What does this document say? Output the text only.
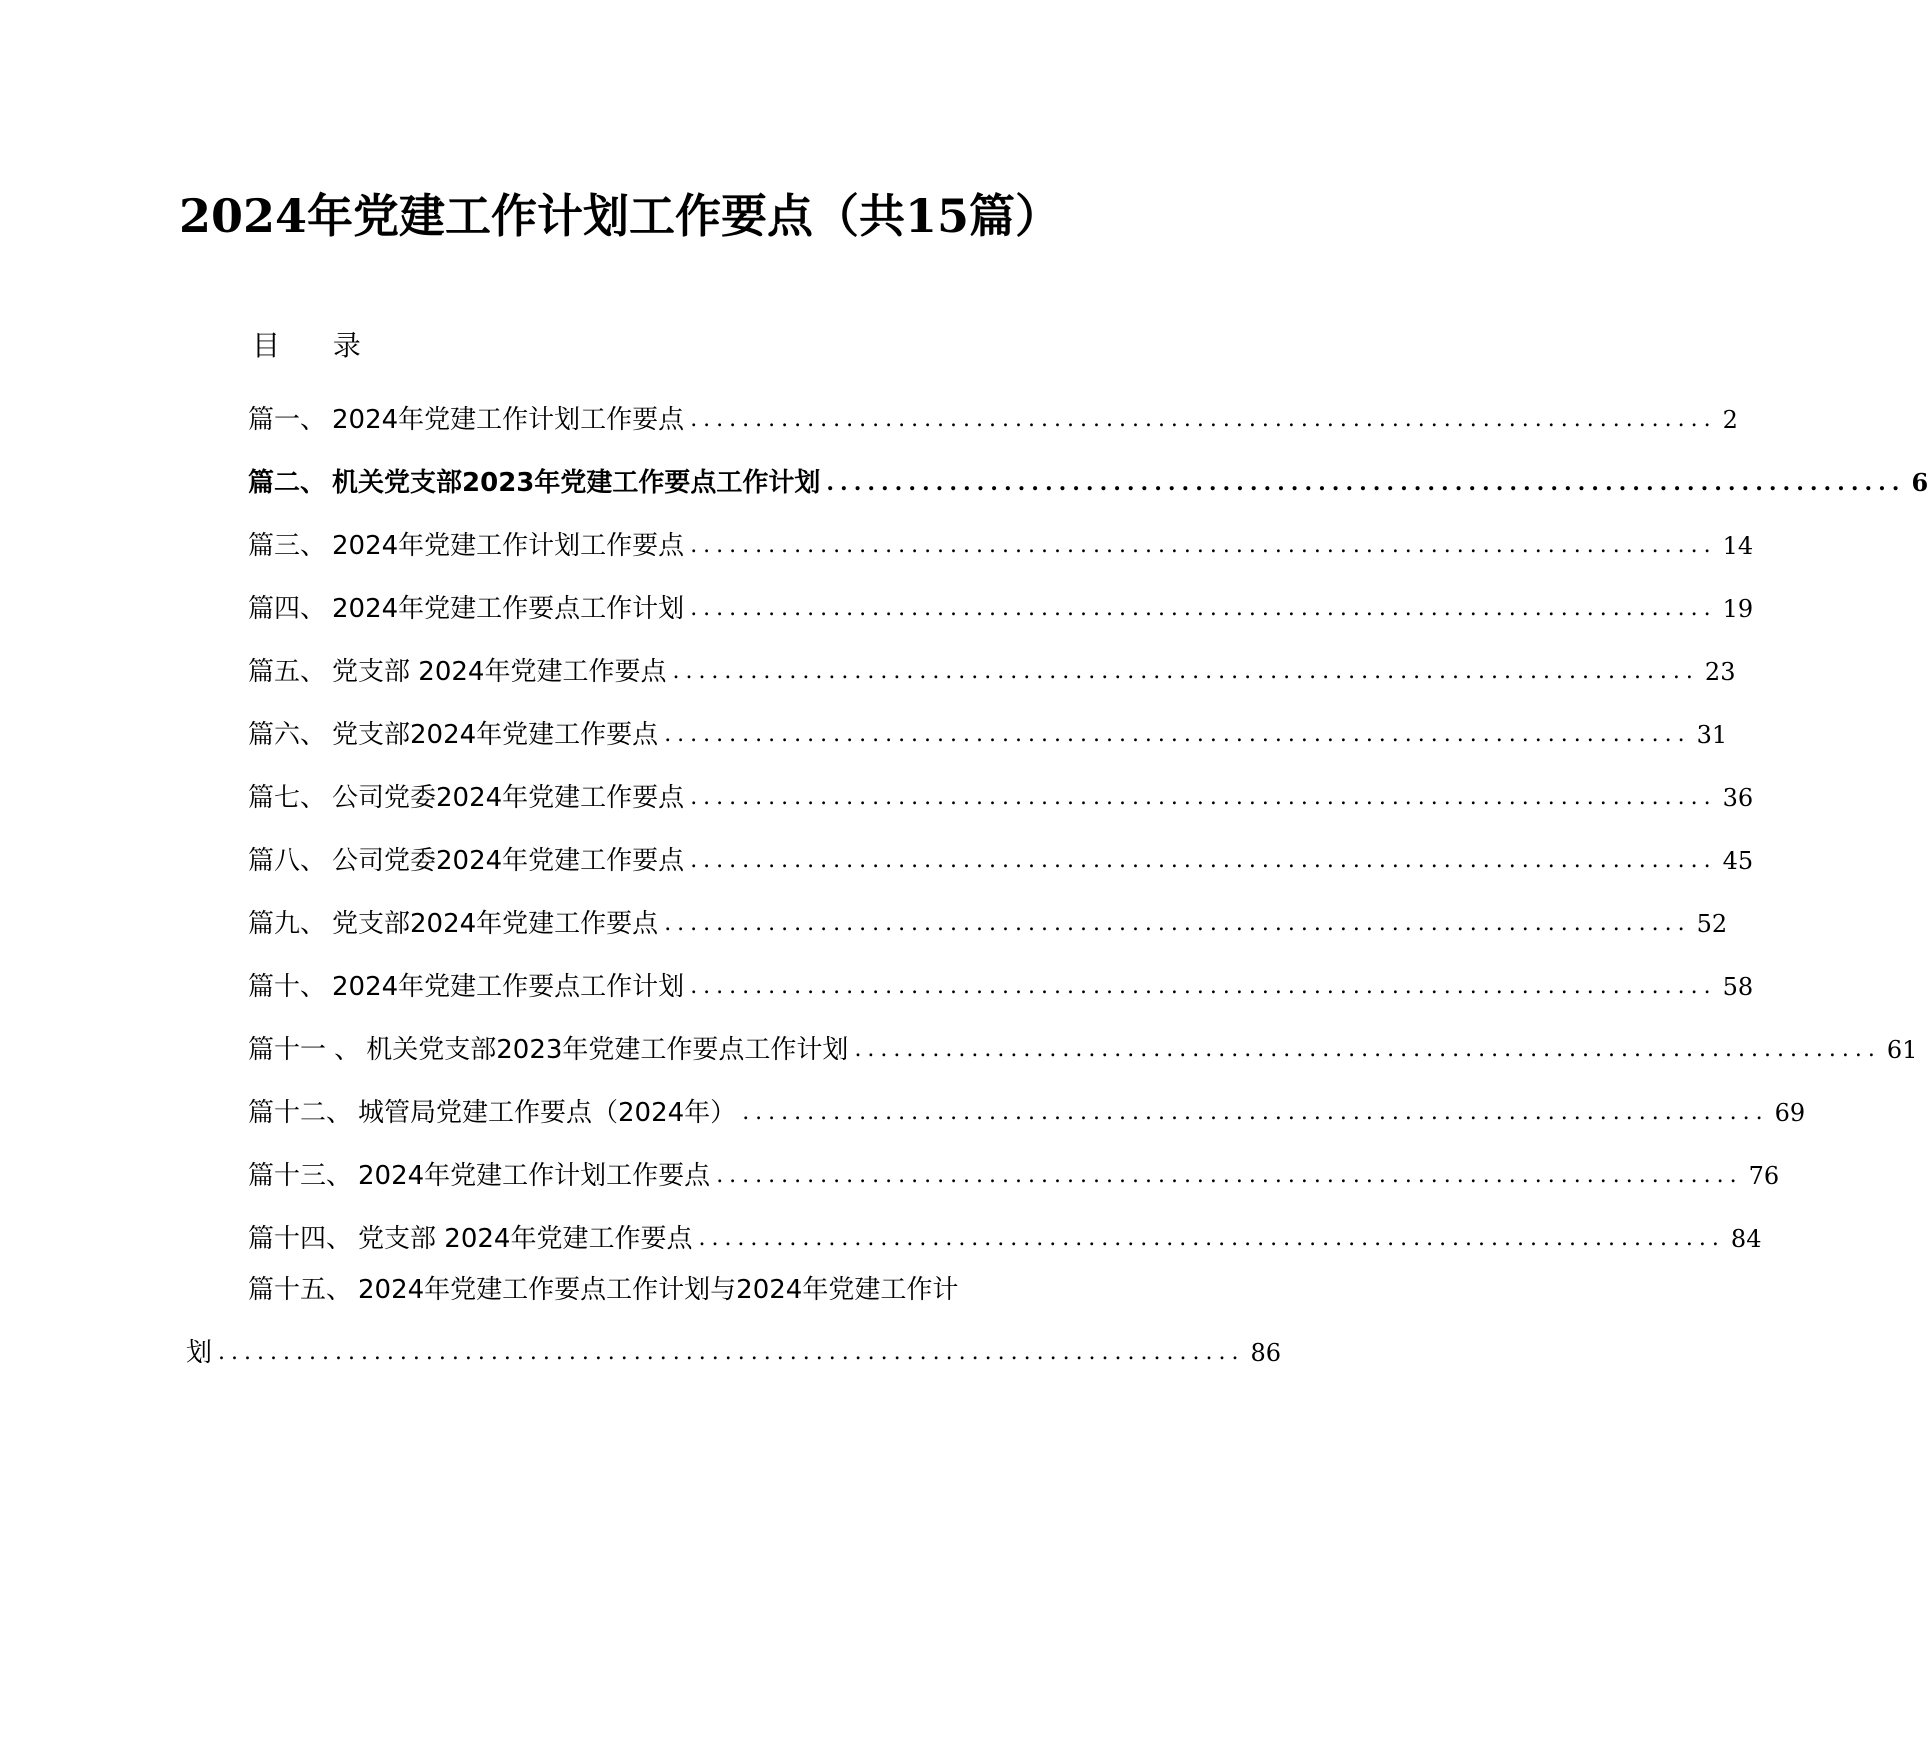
2024年党建工作计划工作要点（共15篇）
目 录
篇一、 2024年党建工作计划工作要点 ............................................................................... 2
篇二、 机关党支部2023年党建工作要点工作计划 ............................................................................... 6
篇三、 2024年党建工作计划工作要点 ............................................................................... 14
篇四、 2024年党建工作要点工作计划 ............................................................................... 19
篇五、 党支部 2024年党建工作要点 ............................................................................... 23
篇六、 党支部2024年党建工作要点 ............................................................................... 31
篇七、 公司党委2024年党建工作要点 ............................................................................... 36
篇八、 公司党委2024年党建工作要点 ............................................................................... 45
篇九、 党支部2024年党建工作要点 ............................................................................... 52
篇十、 2024年党建工作要点工作计划 ............................................................................... 58
篇十一 、 机关党支部2023年党建工作要点工作计划 ............................................................................... 61
篇十二、 城管局党建工作要点（2024年） ............................................................................... 69
篇十三、 2024年党建工作计划工作要点 ............................................................................... 76
篇十四、 党支部 2024年党建工作要点 ............................................................................... 84
篇十五、 2024年党建工作要点工作计划与2024年党建工作计
划 ............................................................................... 86
